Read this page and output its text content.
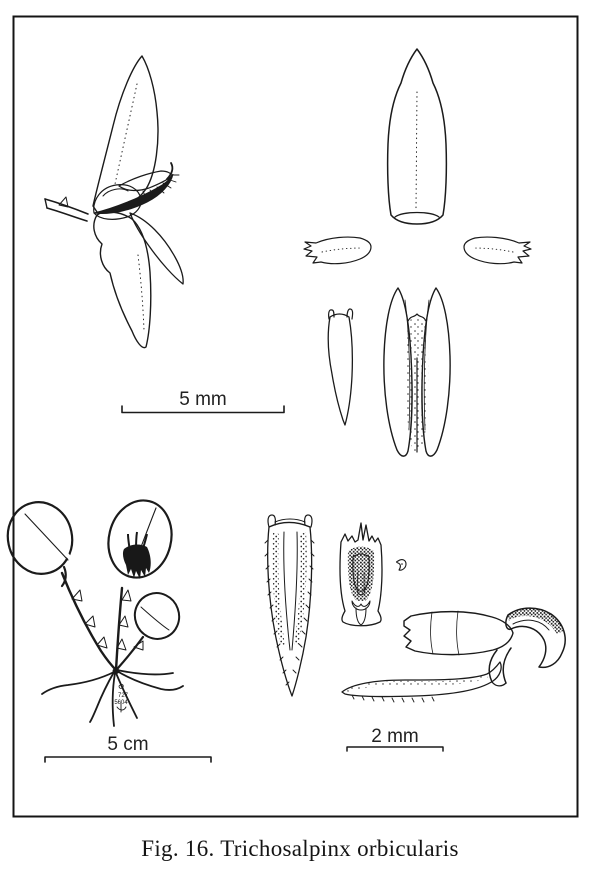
5 mm
727
5604
5 cm	2 mm
Fig. 16. Trichosalpinx orbicularis
